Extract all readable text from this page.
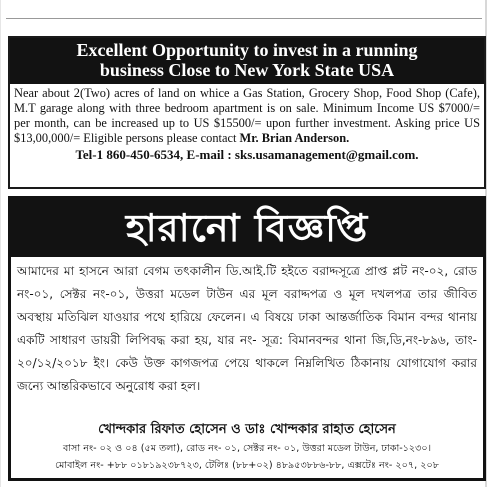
Excellent Opportunity to invest in a running
business Close to New York State USA
Near about 2(Two) acres of land on whice a Gas Station, Grocery Shop, Food Shop (Cafe), M.T garage along with three bedroom apartment is on sale. Minimum Income US $7000/= per month, can be increased up to US $15500/= upon further investment. Asking price US $13,00,000/= Eligible persons please contact Mr. Brian Anderson.
Tel-1 860-450-6534, E-mail : sks.usamanagement@gmail.com.
হারানো বিজ্ঞপ্তি
আমাদের মা হাসনে আরা বেগম তৎকালীন ডি.আই.টি হইতে বরাদ্দসূত্রে প্রাপ্ত প্লট নং-০২, রোড নং-০১, সেক্টর নং-০১, উত্তরা মডেল টাউন এর মূল বরাদ্দপত্র ও মূল দখলপত্র তার জীবিত অবস্থায় মতিঝিল যাওয়ার পথে হারিয়ে ফেলেন। এ বিষয়ে ঢাকা আন্তর্জাতিক বিমান বন্দর থানায় একটি সাধারণ ডায়রী লিপিবদ্ধ করা হয়, যার নং- সূত্র: বিমানবন্দর থানা জি,ডি,নং-৮৯৬, তাং- ২০/১২/২০১৮ ইং। কেউ উক্ত কাগজপত্র পেয়ে থাকলে নিম্নলিখিত ঠিকানায় যোগাযোগ করার জন্যে আন্তরিকভাবে অনুরোধ করা হল।
খোন্দকার রিফাত হোসেন ও ডাঃ খোন্দকার রাহাত হোসেন
বাসা নং- ০২ ও ০৪ (৫ম তলা), রোড নং- ০১, সেক্টর নং- ০১, উত্তরা মডেল টাউন, ঢাকা-১২৩০।
মোবাইল নং- +৮৮ ০১৮১৯২৩৮৭২৩, টেলিঃ (৮৮+০২) ৪৮৯৫৩৮৮৬-৮৮, এক্সটেঃ নং- ২০৭, ২০৮
